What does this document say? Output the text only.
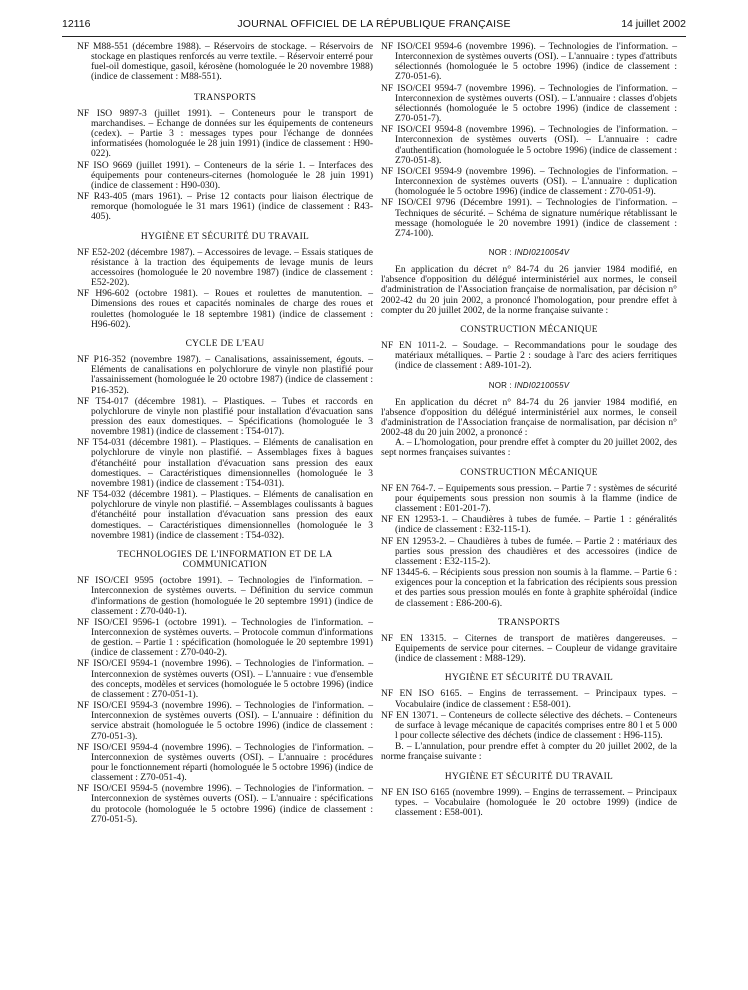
12116	JOURNAL OFFICIEL DE LA RÉPUBLIQUE FRANÇAISE	14 juillet 2002

NF M88-551 (décembre 1988). – Réservoirs de stockage. – Réservoirs de stockage en plastiques renforcés au verre textile. – Réservoir enterré pour fuel-oil domestique, gasoil, kérosène (homologuée le 20 novembre 1988) (indice de classement : M88-551).

TRANSPORTS

NF ISO 9897-3 (juillet 1991). – Conteneurs pour le transport de marchandises. – Echange de données sur les équipements de conteneurs (cedex). – Partie 3 : messages types pour l'échange de données informatisées (homologuée le 28 juin 1991) (indice de classement : H90-022).

NF ISO 9669 (juillet 1991). – Conteneurs de la série 1. – Interfaces des équipements pour conteneurs-citernes (homologuée le 28 juin 1991) (indice de classement : H90-030).

NF R43-405 (mars 1961). – Prise 12 contacts pour liaison électrique de remorque (homologuée le 31 mars 1961) (indice de classement : R43-405).

HYGIÈNE ET SÉCURITÉ DU TRAVAIL

NF E52-202 (décembre 1987). – Accessoires de levage. – Essais statiques de résistance à la traction des équipements de levage munis de leurs accessoires (homologuée le 20 novembre 1987) (indice de classement : E52-202).

NF H96-602 (octobre 1981). – Roues et roulettes de manutention. – Dimensions des roues et capacités nominales de charge des roues et roulettes (homologuée le 18 septembre 1981) (indice de classement : H96-602).

CYCLE DE L'EAU

NF P16-352 (novembre 1987). – Canalisations, assainissement, égouts. – Eléments de canalisations en polychlorure de vinyle non plastifié pour l'assainissement (homologuée le 20 octobre 1987) (indice de classement : P16-352).

NF T54-017 (décembre 1981). – Plastiques. – Tubes et raccords en polychlorure de vinyle non plastifié pour installation d'évacuation sans pression des eaux domestiques. – Spécifications (homologuée le 3 novembre 1981) (indice de classement : T54-017).

NF T54-031 (décembre 1981). – Plastiques. – Eléments de canalisation en polychlorure de vinyle non plastifié. – Assemblages fixes à bagues d'étanchéité pour installation d'évacuation sans pression des eaux domestiques. – Caractéristiques dimensionnelles (homologuée le 3 novembre 1981) (indice de classement : T54-031).

NF T54-032 (décembre 1981). – Plastiques. – Eléments de canalisation en polychlorure de vinyle non plastifié. – Assemblages coulissants à bagues d'étanchéité pour installation d'évacuation sans pression des eaux domestiques. – Caractéristiques dimensionnelles (homologuée le 3 novembre 1981) (indice de classement : T54-032).

TECHNOLOGIES DE L'INFORMATION ET DE LA COMMUNICATION

NF ISO/CEI 9595 (octobre 1991). – Technologies de l'information. – Interconnexion de systèmes ouverts. – Définition du service commun d'informations de gestion (homologuée le 20 septembre 1991) (indice de classement : Z70-040-1).

NF ISO/CEI 9596-1 (octobre 1991). – Technologies de l'information. – Interconnexion de systèmes ouverts. – Protocole commun d'informations de gestion. – Partie 1 : spécification (homologuée le 20 septembre 1991) (indice de classement : Z70-040-2).

NF ISO/CEI 9594-1 (novembre 1996). – Technologies de l'information. – Interconnexion de systèmes ouverts (OSI). – L'annuaire : vue d'ensemble des concepts, modèles et services (homologuée le 5 octobre 1996) (indice de classement : Z70-051-1).

NF ISO/CEI 9594-3 (novembre 1996). – Technologies de l'information. – Interconnexion de systèmes ouverts (OSI). – L'annuaire : définition du service abstrait (homologuée le 5 octobre 1996) (indice de classement : Z70-051-3).

NF ISO/CEI 9594-4 (novembre 1996). – Technologies de l'information. – Interconnexion de systèmes ouverts (OSI). – L'annuaire : procédures pour le fonctionnement réparti (homologuée le 5 octobre 1996) (indice de classement : Z70-051-4).

NF ISO/CEI 9594-5 (novembre 1996). – Technologies de l'information. – Interconnexion de systèmes ouverts (OSI). – L'annuaire : spécifications du protocole (homologuée le 5 octobre 1996) (indice de classement : Z70-051-5).

NF ISO/CEI 9594-6 (novembre 1996). – Technologies de l'information. – Interconnexion de systèmes ouverts (OSI). – L'annuaire : types d'attributs sélectionnés (homologuée le 5 octobre 1996) (indice de classement : Z70-051-6).

NF ISO/CEI 9594-7 (novembre 1996). – Technologies de l'information. – Interconnexion de systèmes ouverts (OSI). – L'annuaire : classes d'objets sélectionnés (homologuée le 5 octobre 1996) (indice de classement : Z70-051-7).

NF ISO/CEI 9594-8 (novembre 1996). – Technologies de l'information. – Interconnexion de systèmes ouverts (OSI). – L'annuaire : cadre d'authentification (homologuée le 5 octobre 1996) (indice de classement : Z70-051-8).

NF ISO/CEI 9594-9 (novembre 1996). – Technologies de l'information. – Interconnexion de systèmes ouverts (OSI). – L'annuaire : duplication (homologuée le 5 octobre 1996) (indice de classement : Z70-051-9).

NF ISO/CEI 9796 (Décembre 1991). – Technologies de l'information. – Techniques de sécurité. – Schéma de signature numérique rétablissant le message (homologuée le 20 novembre 1991) (indice de classement : Z74-100).

NOR : INDI0210054V

En application du décret n° 84-74 du 26 janvier 1984 modifié, en l'absence d'opposition du délégué interministériel aux normes, le conseil d'administration de l'Association française de normalisation, par décision n° 2002-42 du 20 juin 2002, a prononcé l'homologation, pour prendre effet à compter du 20 juillet 2002, de la norme française suivante :

CONSTRUCTION MÉCANIQUE

NF EN 1011-2. – Soudage. – Recommandations pour le soudage des matériaux métalliques. – Partie 2 : soudage à l'arc des aciers ferritiques (indice de classement : A89-101-2).

NOR : INDI0210055V

En application du décret n° 84-74 du 26 janvier 1984 modifié, en l'absence d'opposition du délégué interministériel aux normes, le conseil d'administration de l'Association française de normalisation, par décision n° 2002-48 du 20 juin 2002, a prononcé :

A. – L'homologation, pour prendre effet à compter du 20 juillet 2002, des sept normes françaises suivantes :

CONSTRUCTION MÉCANIQUE

NF EN 764-7. – Equipements sous pression. – Partie 7 : systèmes de sécurité pour équipements sous pression non soumis à la flamme (indice de classement : E01-201-7).

NF EN 12953-1. – Chaudières à tubes de fumée. – Partie 1 : généralités (indice de classement : E32-115-1).

NF EN 12953-2. – Chaudières à tubes de fumée. – Partie 2 : matériaux des parties sous pression des chaudières et des accessoires (indice de classement : E32-115-2).

NF 13445-6. – Récipients sous pression non soumis à la flamme. – Partie 6 : exigences pour la conception et la fabrication des récipients sous pression et des parties sous pression moulés en fonte à graphite sphéroïdal (indice de classement : E86-200-6).

TRANSPORTS

NF EN 13315. – Citernes de transport de matières dangereuses. – Equipements de service pour citernes. – Coupleur de vidange gravitaire (indice de classement : M88-129).

HYGIÈNE ET SÉCURITÉ DU TRAVAIL

NF EN ISO 6165. – Engins de terrassement. – Principaux types. – Vocabulaire (indice de classement : E58-001).

NF EN 13071. – Conteneurs de collecte sélective des déchets. – Conteneurs de surface à levage mécanique de capacités comprises entre 80 l et 5 000 l pour collecte sélective des déchets (indice de classement : H96-115).

B. – L'annulation, pour prendre effet à compter du 20 juillet 2002, de la norme française suivante :

HYGIÈNE ET SÉCURITÉ DU TRAVAIL

NF EN ISO 6165 (novembre 1999). – Engins de terrassement. – Principaux types. – Vocabulaire (homologuée le 20 octobre 1999) (indice de classement : E58-001).
